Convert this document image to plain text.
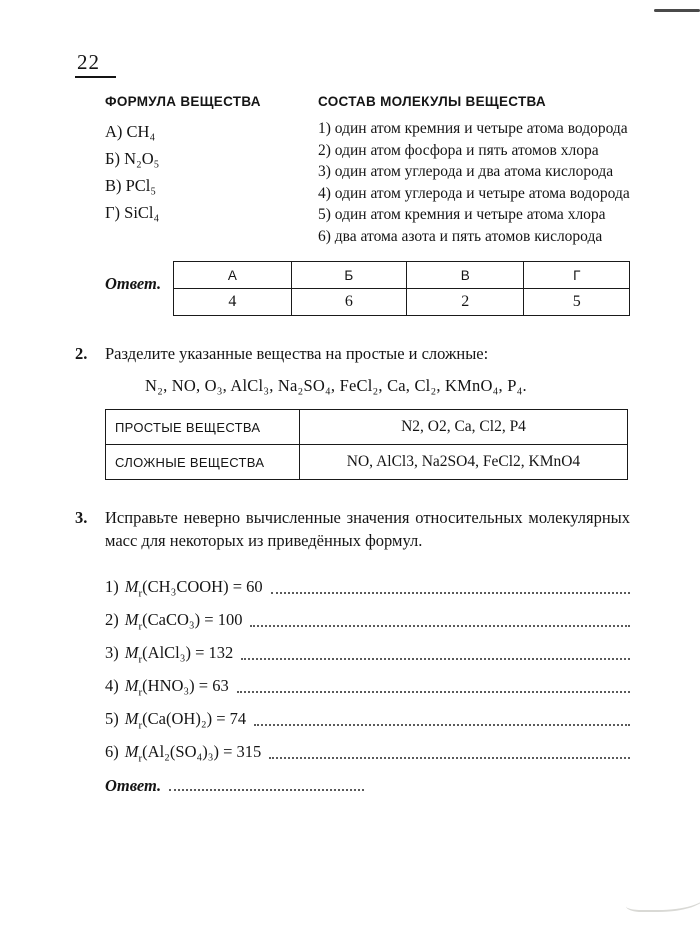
22
ФОРМУЛА ВЕЩЕСТВА
А) CH₄
Б) N₂O₅
В) PCl₅
Г) SiCl₄
СОСТАВ МОЛЕКУЛЫ ВЕЩЕСТВА

1) один атом кремния и четыре атома водорода

2) один атом фосфора и пять атомов хлора

3) один атом углерода и два атома кислорода

4) один атом углерода и четыре атома водорода

5) один атом кремния и четыре атома хлора

6) два атома азота и пять атомов кислорода

Ответ.	А	Б	В	Г
4	6	2	5
2.	Разделите указанные вещества на простые и сложные:
N₂, NO, O₃, AlCl₃, Na₂SO₄, FeCl₂, Ca, Cl₂, KMnO₄, P₄.
ПРОСТЫЕ ВЕЩЕСТВА	N2, O2, Ca, Cl2, P4
СЛОЖНЫЕ ВЕЩЕСТВА	NO, AlCl3, Na2SO4, FeCl2, KMnO4
3.	Исправьте неверно вычисленные значения относительных молекулярных масс для некоторых из приведённых формул.
1) $M_r(CH_3COOH) = 60$
2) $M_r(CaCO_3) = 100$
3) $M_r(AlCl_3) = 132$
4) $M_r(HNO_3) = 63$
5) $M_r(Ca(OH)_2) = 74$
6) $M_r(Al_2(SO_4)_3) = 315$
Ответ.
